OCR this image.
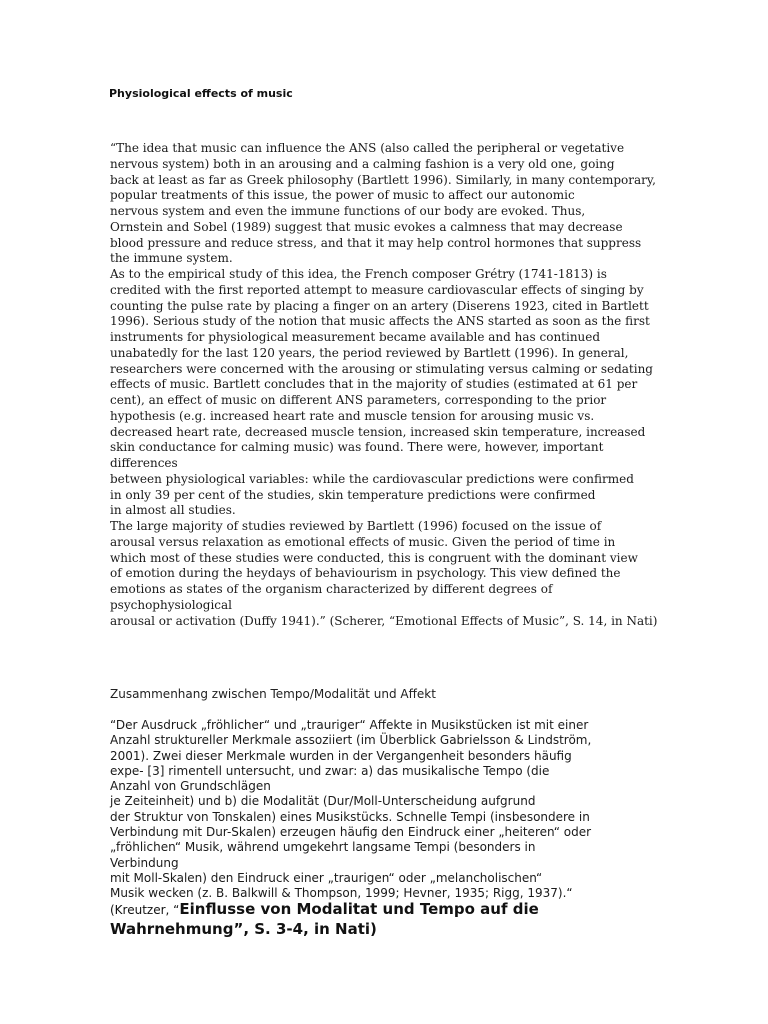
Physiological effects of music
“The idea that music can influence the ANS (also called the peripheral or vegetative
nervous system) both in an arousing and a calming fashion is a very old one, going
back at least as far as Greek philosophy (Bartlett 1996). Similarly, in many contemporary,
popular treatments of this issue, the power of music to affect our autonomic
nervous system and even the immune functions of our body are evoked. Thus,
Ornstein and Sobel (1989) suggest that music evokes a calmness that may decrease
blood pressure and reduce stress, and that it may help control hormones that suppress
the immune system.
As to the empirical study of this idea, the French composer Grétry (1741-1813) is
credited with the first reported attempt to measure cardiovascular effects of singing by
counting the pulse rate by placing a finger on an artery (Diserens 1923, cited in Bartlett
1996). Serious study of the notion that music affects the ANS started as soon as the first
instruments for physiological measurement became available and has continued
unabatedly for the last 120 years, the period reviewed by Bartlett (1996). In general,
researchers were concerned with the arousing or stimulating versus calming or sedating
effects of music. Bartlett concludes that in the majority of studies (estimated at 61 per
cent), an effect of music on different ANS parameters, corresponding to the prior
hypothesis (e.g. increased heart rate and muscle tension for arousing music vs.
decreased heart rate, decreased muscle tension, increased skin temperature, increased
skin conductance for calming music) was found. There were, however, important
differences
between physiological variables: while the cardiovascular predictions were confirmed
in only 39 per cent of the studies, skin temperature predictions were confirmed
in almost all studies.
The large majority of studies reviewed by Bartlett (1996) focused on the issue of
arousal versus relaxation as emotional effects of music. Given the period of time in
which most of these studies were conducted, this is congruent with the dominant view
of emotion during the heydays of behaviourism in psychology. This view defined the
emotions as states of the organism characterized by different degrees of
psychophysiological
arousal or activation (Duffy 1941).” (Scherer, “Emotional Effects of Music”, S. 14, in Nati)
Zusammenhang zwischen Tempo/Modalität und Affekt
“Der Ausdruck „fröhlicher“ und „trauriger“ Affekte in Musikstücken ist mit einer
Anzahl struktureller Merkmale assoziiert (im Überblick Gabrielsson & Lindström,
2001). Zwei dieser Merkmale wurden in der Vergangenheit besonders häufig
expe- [3] rimentell untersucht, und zwar: a) das musikalische Tempo (die
Anzahl von Grundschlägen
je Zeiteinheit) und b) die Modalität (Dur/Moll-Unterscheidung aufgrund
der Struktur von Tonskalen) eines Musikstücks. Schnelle Tempi (insbesondere in
Verbindung mit Dur-Skalen) erzeugen häufig den Eindruck einer „heiteren“ oder
„fröhlichen“ Musik, während umgekehrt langsame Tempi (besonders in
Verbindung
mit Moll-Skalen) den Eindruck einer „traurigen“ oder „melancholischen“
Musik wecken (z. B. Balkwill & Thompson, 1999; Hevner, 1935; Rigg, 1937).“
(Kreutzer, “Einflusse von Modalitat und Tempo auf die
Wahrnehmung”, S. 3-4, in Nati)
